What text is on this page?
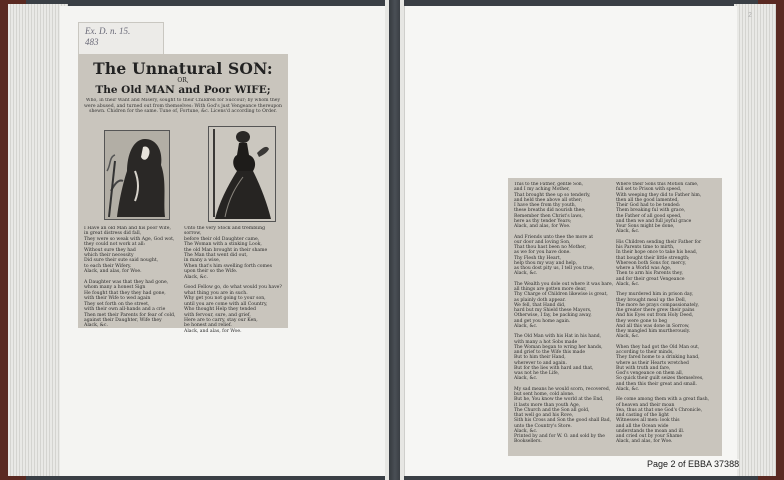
2
Ex. D. n. 15.
483
The Unnatural SON:
OR,
The Old MAN and Poor WIFE;
Who, in their Want and Misery, sought to their Children for Succour; by whom they were abused, and turned out from themselves: With God's just Vengeance thereupon shewn. Chidren for the same. Tune of, Fortune, &c. Licens'd according to Order.
I Have an old Man and his poor Wife,
in great distress did fall,
They were so weak with Age, God wot,
they could not work at all:
Without sure they had
which their necessity
Did sure their sute said nought,
to each their Wifery.
Alack, and alas, for Woe.

A Daughter was that they had gone,
whom many a honest Sign
He fought that they they had gone,
with their Wife to wed again
They set forth on the street,
with their own all-hands and a crie
Then met their Parents for fear of cold,
against their Daughter, Wife they
Alack, &c.
Unto the very Stock and trembling sorrow,
before their old Daughter came,
The Woman with a stinking Look,
the old Man brought in their shame
The Man that went did out,
in many a wise,
When that's him swelling forth comes
upon their so the Wife.
Alack, &c.

Good Fellow go, do what would you have?
what thing you are in such.
Why get you not going to your son,
until you are come with all Country,
Who thought Help they tended
with fervour, sure, and grief,
Here are to carry, stay our Ken,
be honest and relief.
Alack, and alas, for Woe.
This to the Father, gentle Son,
and I my aching Mother,
That brought thee up so tenderly,
and held thee above all other;
I have thee from thy youth,
these breaths did nourish thee;
Remember then Christ's laws,
here as thy tender Years;
Alack, and alas, for Woe.

And Friends unto thee the more at
our door and loving Son,
That thou hast been no Mother,
as we for you have done.
Thy Flesh thy Heart,
help thou my way and help,
as thou dost pity us, I tell you true,
Alack, &c.

The Wealth you dole out where it was bare,
all things are gotten more dear,
Thy Charge of Children likewise is great,
as plainly doth appear.
We fell, that Hand did,
hard but my Shield these Mayors,
Otherwise, I fay, be packing away,
and get you home again.
Alack, &c.

The Old Man with his Hat in his hand,
with many a hot Sobs made
The Woman began to wring her hands,
and grief to the Wife this made
But to him their Hand,
wherever to and again.
But for the lies with hard and that,
was not he the Life,
Alack, &c.

My sad means he would scorn, recovered,
but sent home, cold alone.
But he, You know the world at the End,
it lasts more than youth Age,
The Church and the Son all gold,
that well go and his Rove,
Sith his Cross and Son the good shall Bad,
unto the Country's Store.
Alack, &c.
Printed by and for W. O. and sold by the Booksellers.
Where their Sons this Motion came,
full set to Prison with speed,
With weeping they did to Father him,
then all the good lamented,
Their God had to be tended:
Them breaking ful with grace,
the Father of all good speed,
and then we and full joyful grace
Your Sons might be done,
Alack, &c.

His Children sending their Father for
his Parents time to mirth,
In their hope once to take his head,
that bought their little strength;
Whereon both Sons for, mercy,
where a World was Age,
Then to arm his Parents they,
and for their great Vengeance
Alack, &c.

They murdered him in prison day,
they brought meal up the Dell,
The more he prays compassionately,
the greater there grew their pains
And his Eyes out from Holy Deed,
they were gone to beg
And all this was done in Sorrow,
they mangled him murtherously.
Alack, &c.

When they had got the Old Man out,
according to their minds,
They fared home to a drinking hand,
where as their Hearts wretched
But with truth and fare,
God's vengeance on them all,
So quick their guilt seizes themselves,
and then this their great and small.
Alack, &c.

He come among them with a great flash,
of heaven and their moan
Yea, thus at that one God's Chronicle,
and casting of the light
Witnesses all men: look this
and all the Ocean wide
understands the moan and ill.
and cried out by your Shame
Alack, and alas, for Woe.
Page 2 of EBBA 37388
